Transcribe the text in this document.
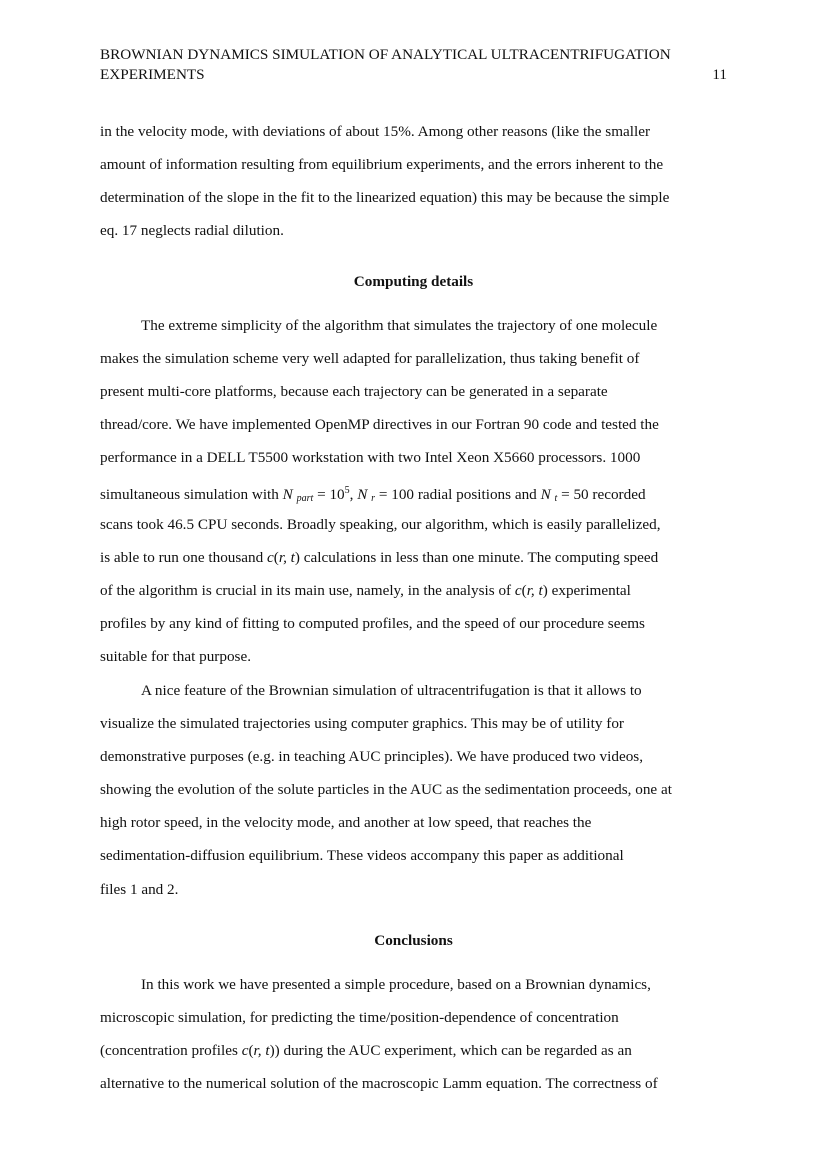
BROWNIAN DYNAMICS SIMULATION OF ANALYTICAL ULTRACENTRIFUGATION
EXPERIMENTS	11
in the velocity mode, with deviations of about 15%. Among other reasons (like the smaller
amount of information resulting from equilibrium experiments, and the errors inherent to the
determination of the slope in the fit to the linearized equation) this may be because the simple
eq. 17 neglects radial dilution.
Computing details
The extreme simplicity of the algorithm that simulates the trajectory of one molecule
makes the simulation scheme very well adapted for parallelization, thus taking benefit of
present multi-core platforms, because each trajectory can be generated in a separate
thread/core. We have implemented OpenMP directives in our Fortran 90 code and tested the
performance in a DELL T5500 workstation with two Intel Xeon X5660 processors. 1000
simultaneous simulation with N $_{part} = 10^5$, N $_r$ = 100 radial positions and N $_t$ = 50 recorded
scans took 46.5 CPU seconds. Broadly speaking, our algorithm, which is easily parallelized,
is able to run one thousand c(r, t) calculations in less than one minute. The computing speed
of the algorithm is crucial in its main use, namely, in the analysis of c(r, t) experimental
profiles by any kind of fitting to computed profiles, and the speed of our procedure seems
suitable for that purpose.
A nice feature of the Brownian simulation of ultracentrifugation is that it allows to
visualize the simulated trajectories using computer graphics. This may be of utility for
demonstrative purposes (e.g. in teaching AUC principles). We have produced two videos,
showing the evolution of the solute particles in the AUC as the sedimentation proceeds, one at
high rotor speed, in the velocity mode, and another at low speed, that reaches the
sedimentation-diffusion equilibrium. These videos accompany this paper as additional
files 1 and 2.
Conclusions
In this work we have presented a simple procedure, based on a Brownian dynamics,
microscopic simulation, for predicting the time/position-dependence of concentration
(concentration profiles c(r, t)) during the AUC experiment, which can be regarded as an
alternative to the numerical solution of the macroscopic Lamm equation. The correctness of
